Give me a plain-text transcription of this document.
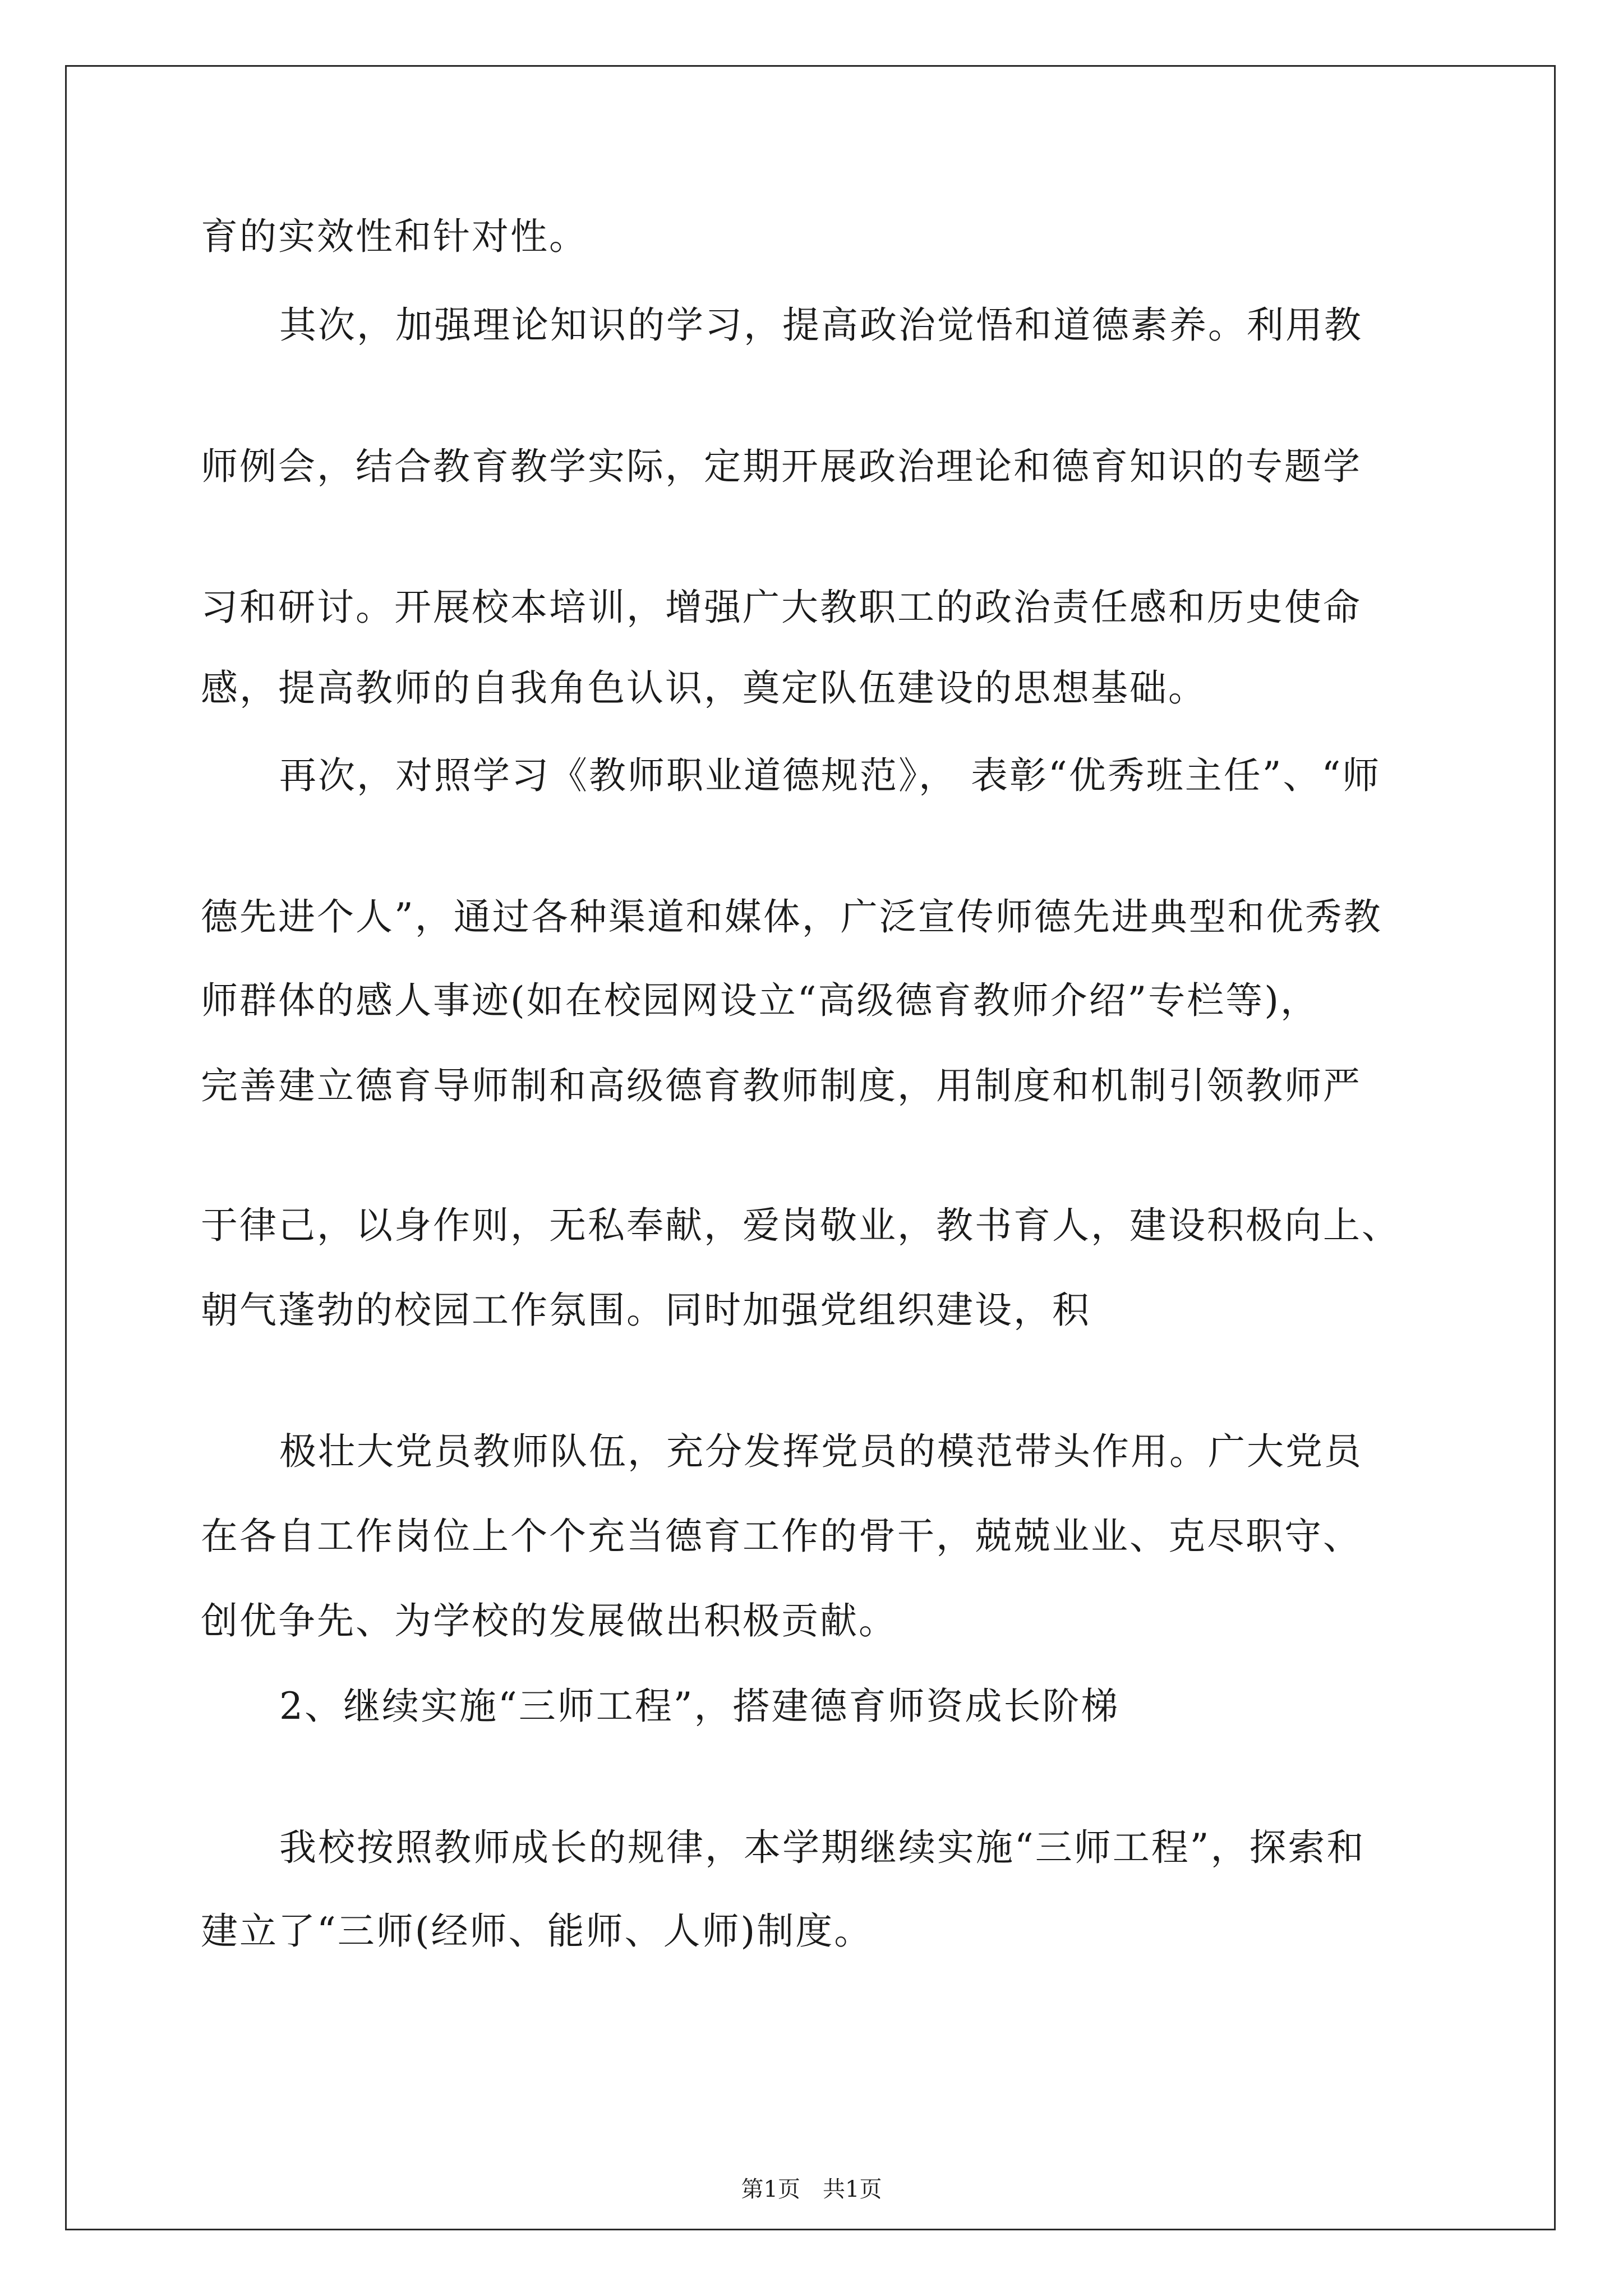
育的实效性和针对性。
其次，加强理论知识的学习，提高政治觉悟和道德素养。利用教
师例会，结合教育教学实际，定期开展政治理论和德育知识的专题学
习和研讨。开展校本培训，增强广大教职工的政治责任感和历史使命
感，提高教师的自我角色认识，奠定队伍建设的思想基础。
再次，对照学习《教师职业道德规范》， 表彰“优秀班主任”、“师
德先进个人”，通过各种渠道和媒体，广泛宣传师德先进典型和优秀教
师群体的感人事迹(如在校园网设立“高级德育教师介绍”专栏等)，
完善建立德育导师制和高级德育教师制度，用制度和机制引领教师严
于律己，以身作则，无私奉献，爱岗敬业，教书育人，建设积极向上、
朝气蓬勃的校园工作氛围。同时加强党组织建设，积
极壮大党员教师队伍，充分发挥党员的模范带头作用。广大党员
在各自工作岗位上个个充当德育工作的骨干，兢兢业业、克尽职守、
创优争先、为学校的发展做出积极贡献。
2、继续实施“三师工程”，搭建德育师资成长阶梯
我校按照教师成长的规律，本学期继续实施“三师工程”，探索和
建立了“三师(经师、能师、人师)制度。
第1页 共1页
